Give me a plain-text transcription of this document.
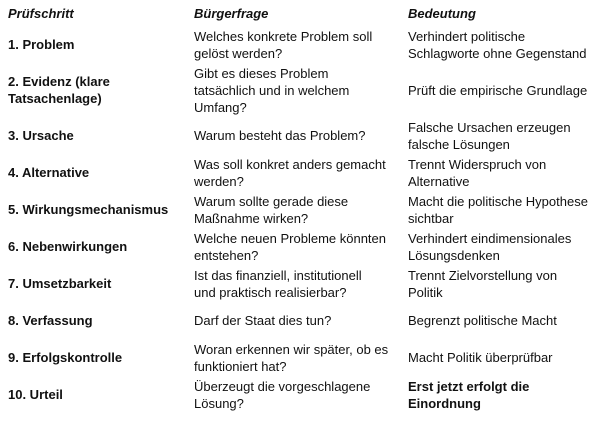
Prüfschritt	Bürgerfrage	Bedeutung

1. Problem	Welches konkrete Problem soll
gelöst werden?	Verhindert politische
Schlagworte ohne Gegenstand

2. Evidenz (klare
Tatsachenlage)	Gibt es dieses Problem
tatsächlich und in welchem
Umfang?	Prüft die empirische Grundlage

3. Ursache	Warum besteht das Problem?	Falsche Ursachen erzeugen
falsche Lösungen

4. Alternative	Was soll konkret anders gemacht
werden?	Trennt Widerspruch von
Alternative

5. Wirkungsmechanismus	Warum sollte gerade diese
Maßnahme wirken?	Macht die politische Hypothese
sichtbar

6. Nebenwirkungen	Welche neuen Probleme könnten
entstehen?	Verhindert eindimensionales
Lösungsdenken

7. Umsetzbarkeit	Ist das finanziell, institutionell
und praktisch realisierbar?	Trennt Zielvorstellung von
Politik

8. Verfassung	Darf der Staat dies tun?	Begrenzt politische Macht

9. Erfolgskontrolle	Woran erkennen wir später, ob es
funktioniert hat?	Macht Politik überprüfbar

10. Urteil	Überzeugt die vorgeschlagene
Lösung?	Erst jetzt erfolgt die
Einordnung
